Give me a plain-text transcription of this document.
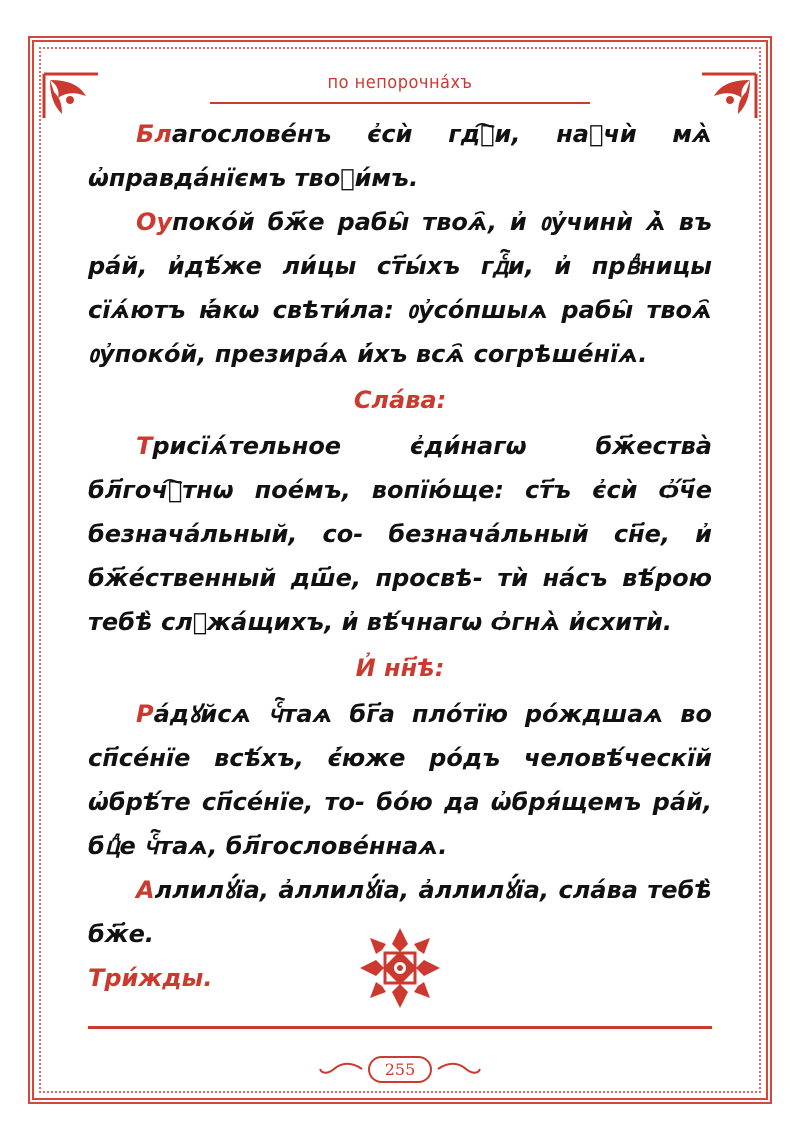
по непорочна́хъ

Благослове́нъ є҆сѝ гдⷭ҇и, наꙋчѝ мѧ̀ ѡ҆правда́нїємъ твоꙵи́мъ.

Оупоко́й бж҃е рабы̑ твоѧ҄, и҆ ᲂу҆чинѝ ѧ҆̀ въ ра́й, и҆дѣ́же ли́цы ст҃ы́хъ гдⷭ҇и, и҆ првⷣницы сїѧ́ютъ ꙗ҆́кѡ свѣти́ла: ᲂу҆со́пшыѧ рабы̑ твоѧ҄ ᲂу҆поко́й, презира́ѧ и҆́хъ всѧ҄ согрѣше́нїѧ.

Сла́ва:

Трисїѧ́тельное є҆ди́нагѡ бж҃ества̀ бл҃гочⷭ҇тнѡ пое́мъ, вопїю́ще: ст҃ъ є҆сѝ ѻ҆́ч҃е безнача́льный, со- безнача́льный сн҃е, и҆ бж҃е́ственный дш҃е, просвѣ- тѝ на́съ вѣ́рою тебѣ̀ слꙋжа́щихъ, и҆ вѣ́чнагѡ ѻ҆гнѧ̀ и҆схитѝ.

И҆ нн҃ѣ:

Ра́дꙋйсѧ чⷭ҇таѧ бг҃а пло́тїю ро́ждшаѧ во сп҃се́нїе всѣ́хъ, є҆́юже ро́дъ человѣ́ческїй ѡ҆брѣ́те сп҃се́нїе, то- бо́ю да ѡ҆бря́щемъ ра́й, бцⷣе чⷭ҇таѧ, бл҃гослове́ннаѧ.

Аллилꙋ́їа, а҆ллилꙋ́їа, а҆ллилꙋ́їа, сла́ва тебѣ̀ бж҃е.

Три́жды.

255
